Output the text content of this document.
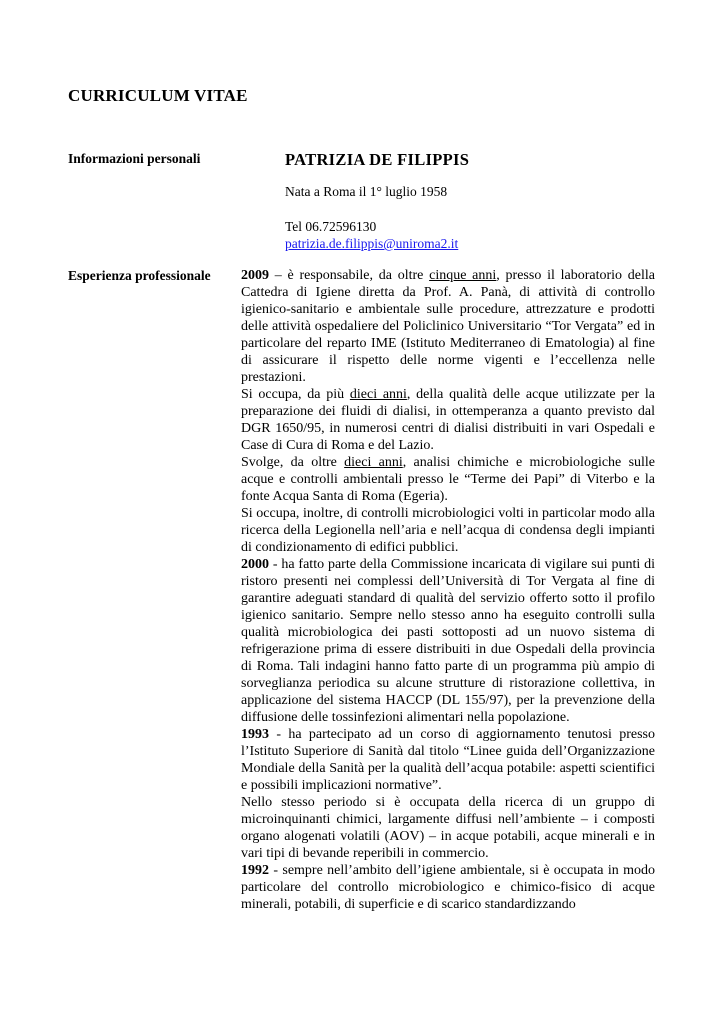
CURRICULUM VITAE
Informazioni personali	PATRIZIA DE FILIPPIS
Nata a Roma il 1° luglio 1958
Tel 06.72596130
patrizia.de.filippis@uniroma2.it
Esperienza professionale 2009 – è responsabile, da oltre cinque anni, presso il laboratorio della Cattedra di Igiene diretta da Prof. A. Panà, di attività di controllo igienico-sanitario e ambientale sulle procedure, attrezzature e prodotti delle attività ospedaliere del Policlinico Universitario “Tor Vergata” ed in particolare del reparto IME (Istituto Mediterraneo di Ematologia) al fine di assicurare il rispetto delle norme vigenti e l’eccellenza nelle prestazioni.

Si occupa, da più dieci anni, della qualità delle acque utilizzate per la preparazione dei fluidi di dialisi, in ottemperanza a quanto previsto dal DGR 1650/95, in numerosi centri di dialisi distribuiti in vari Ospedali e Case di Cura di Roma e del Lazio.

Svolge, da oltre dieci anni, analisi chimiche e microbiologiche sulle acque e controlli ambientali presso le “Terme dei Papi” di Viterbo e la fonte Acqua Santa di Roma (Egeria).

Si occupa, inoltre, di controlli microbiologici volti in particolar modo alla ricerca della Legionella nell’aria e nell’acqua di condensa degli impianti di condizionamento di edifici pubblici.

2000 - ha fatto parte della Commissione incaricata di vigilare sui punti di ristoro presenti nei complessi dell’Università di Tor Vergata al fine di garantire adeguati standard di qualità del servizio offerto sotto il profilo igienico sanitario. Sempre nello stesso anno ha eseguito controlli sulla qualità microbiologica dei pasti sottoposti ad un nuovo sistema di refrigerazione prima di essere distribuiti in due Ospedali della provincia di Roma. Tali indagini hanno fatto parte di un programma più ampio di sorveglianza periodica su alcune strutture di ristorazione collettiva, in applicazione del sistema HACCP (DL 155/97), per la prevenzione della diffusione delle tossinfezioni alimentari nella popolazione.

1993 - ha partecipato ad un corso di aggiornamento tenutosi presso l’Istituto Superiore di Sanità dal titolo “Linee guida dell’Organizzazione Mondiale della Sanità per la qualità dell’acqua potabile: aspetti scientifici e possibili implicazioni normative”.

Nello stesso periodo si è occupata della ricerca di un gruppo di microinquinanti chimici, largamente diffusi nell’ambiente – i composti organo alogenati volatili (AOV) – in acque potabili, acque minerali e in vari tipi di bevande reperibili in commercio.

1992 - sempre nell’ambito dell’igiene ambientale, si è occupata in modo particolare del controllo microbiologico e chimico-fisico di acque minerali, potabili, di superficie e di scarico standardizzando
